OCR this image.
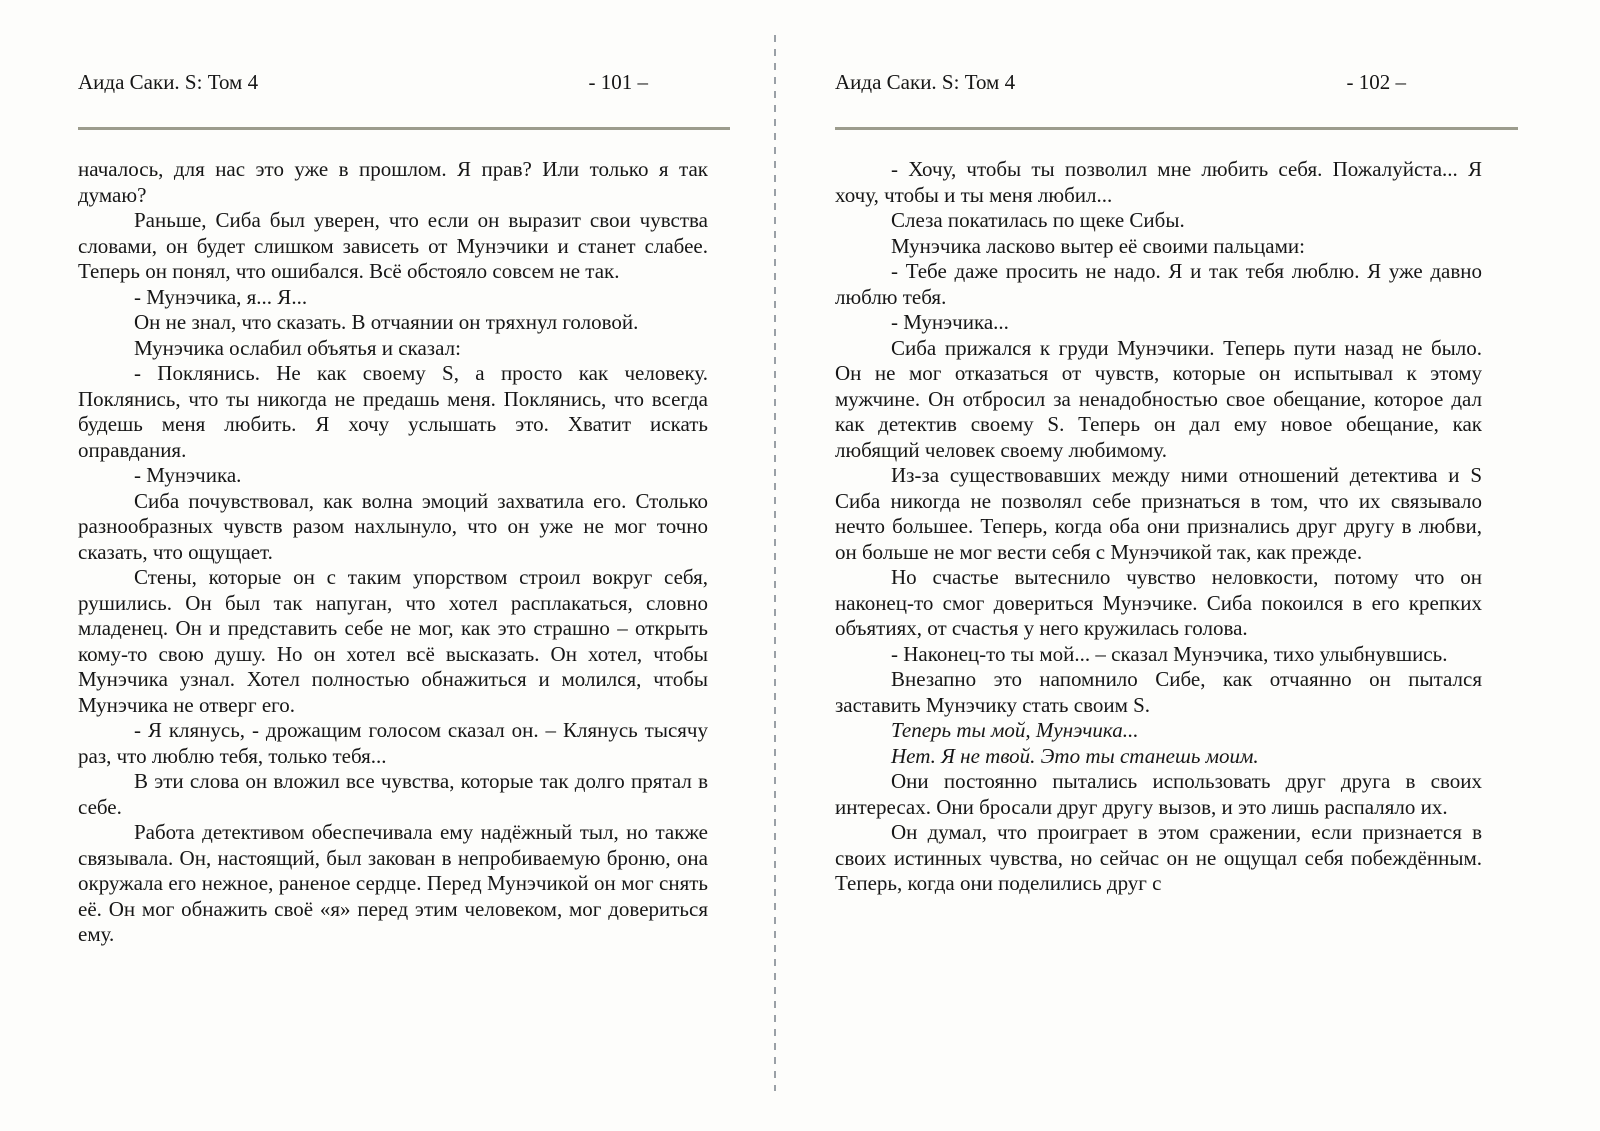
Аида Саки. S: Том 4	- 101 –

началось, для нас это уже в прошлом. Я прав? Или только я так думаю?

Раньше, Сиба был уверен, что если он выразит свои чувства словами, он будет слишком зависеть от Мунэчики и станет слабее. Теперь он понял, что ошибался. Всё обстояло совсем не так.

- Мунэчика, я... Я...

Он не знал, что сказать. В отчаянии он тряхнул головой.

Мунэчика ослабил объятья и сказал:

- Поклянись. Не как своему S, а просто как человеку. Поклянись, что ты никогда не предашь меня. Поклянись, что всегда будешь меня любить. Я хочу услышать это. Хватит искать оправдания.

- Мунэчика.

Сиба почувствовал, как волна эмоций захватила его. Столько разнообразных чувств разом нахлынуло, что он уже не мог точно сказать, что ощущает.

Стены, которые он с таким упорством строил вокруг себя, рушились. Он был так напуган, что хотел расплакаться, словно младенец. Он и представить себе не мог, как это страшно – открыть кому-то свою душу. Но он хотел всё высказать. Он хотел, чтобы Мунэчика узнал. Хотел полностью обнажиться и молился, чтобы Мунэчика не отверг его.

- Я клянусь, - дрожащим голосом сказал он. – Клянусь тысячу раз, что люблю тебя, только тебя...

В эти слова он вложил все чувства, которые так долго прятал в себе.

Работа детективом обеспечивала ему надёжный тыл, но также связывала. Он, настоящий, был закован в непробиваемую броню, она окружала его нежное, раненое сердце. Перед Мунэчикой он мог снять её. Он мог обнажить своё «я» перед этим человеком, мог довериться ему.

Аида Саки. S: Том 4	- 102 –

- Хочу, чтобы ты позволил мне любить себя. Пожалуйста... Я хочу, чтобы и ты меня любил...

Слеза покатилась по щеке Сибы.

Мунэчика ласково вытер её своими пальцами:

- Тебе даже просить не надо. Я и так тебя люблю. Я уже давно люблю тебя.

- Мунэчика...

Сиба прижался к груди Мунэчики. Теперь пути назад не было. Он не мог отказаться от чувств, которые он испытывал к этому мужчине. Он отбросил за ненадобностью свое обещание, которое дал как детектив своему S. Теперь он дал ему новое обещание, как любящий человек своему любимому.

Из-за существовавших между ними отношений детектива и S Сиба никогда не позволял себе признаться в том, что их связывало нечто большее. Теперь, когда оба они признались друг другу в любви, он больше не мог вести себя с Мунэчикой так, как прежде.

Но счастье вытеснило чувство неловкости, потому что он наконец-то смог довериться Мунэчике. Сиба покоился в его крепких объятиях, от счастья у него кружилась голова.

- Наконец-то ты мой... – сказал Мунэчика, тихо улыбнувшись.

Внезапно это напомнило Сибе, как отчаянно он пытался заставить Мунэчику стать своим S.

Теперь ты мой, Мунэчика...

Нет. Я не твой. Это ты станешь моим.

Они постоянно пытались использовать друг друга в своих интересах. Они бросали друг другу вызов, и это лишь распаляло их.

Он думал, что проиграет в этом сражении, если признается в своих истинных чувства, но сейчас он не ощущал себя побеждённым. Теперь, когда они поделились друг с
